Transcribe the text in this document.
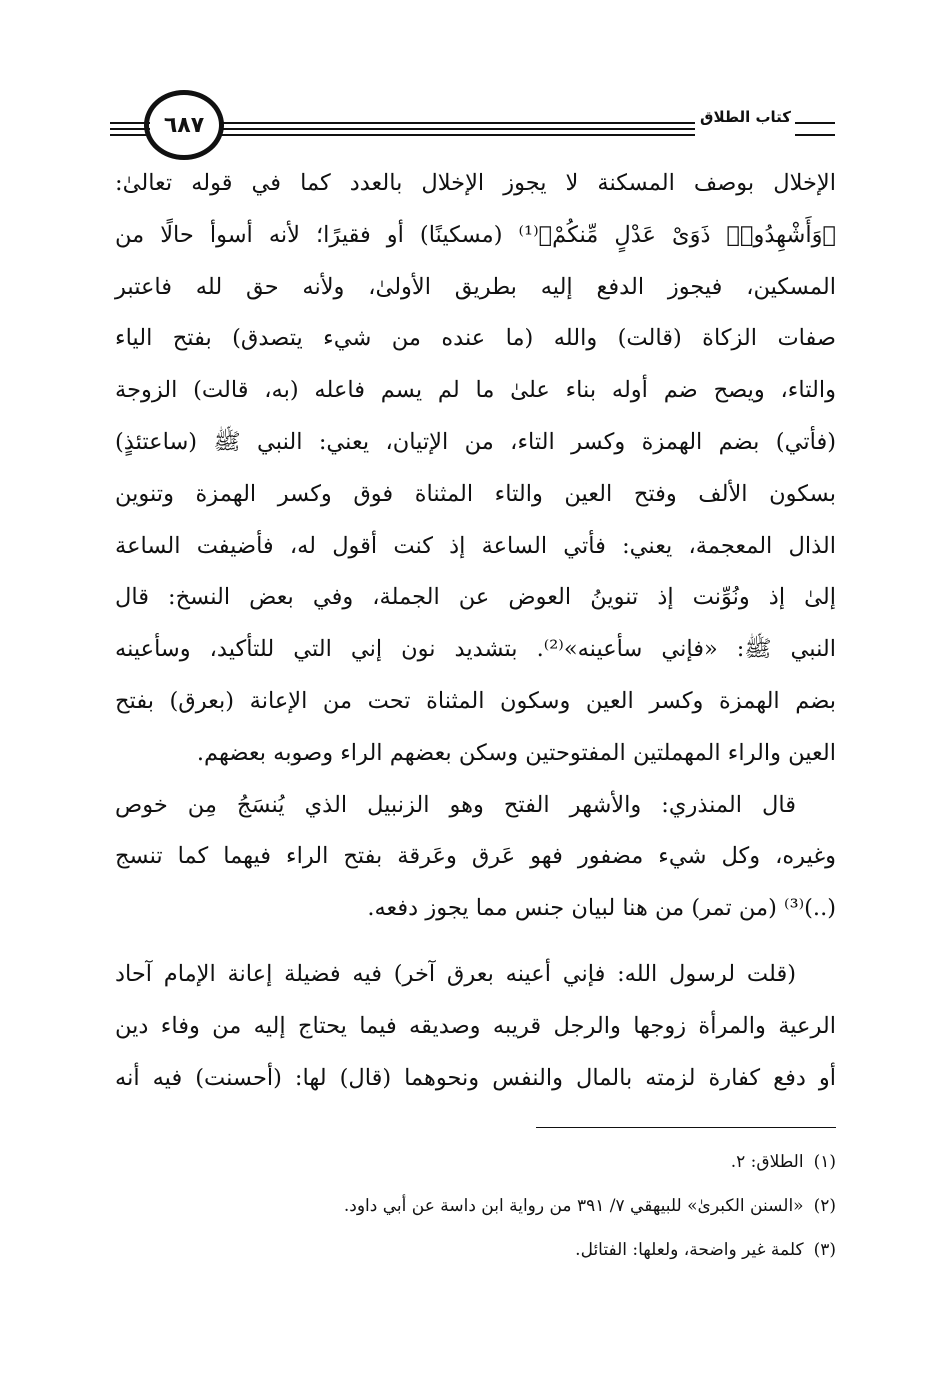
كتاب الطلاق
٦٨٧
الإخلال بوصف المسكنة لا يجوز الإخلال بالعدد كما في قوله تعالىٰ:
﴿وَأَشْهِدُوا۟ ذَوَىْ عَدْلٍ مِّنكُمْ﴾⁽¹⁾ (مسكينًا) أو فقيرًا؛ لأنه أسوأ حالًا من
المسكين، فيجوز الدفع إليه بطريق الأولىٰ، ولأنه حق لله فاعتبر
صفات الزكاة (قالت) والله (ما عنده من شيء يتصدق) بفتح الياء
والتاء، ويصح ضم أوله بناء علىٰ ما لم يسم فاعله (به، قالت) الزوجة
(فأتي) بضم الهمزة وكسر التاء، من الإتيان، يعني: النبي ﷺ (ساعتئذٍ)
بسكون الألف وفتح العين والتاء المثناة فوق وكسر الهمزة وتنوين
الذال المعجمة، يعني: فأتي الساعة إذ كنت أقول له، فأضيفت الساعة
إلىٰ إذ ونُوِّنت إذ تنوينُ العوض عن الجملة، وفي بعض النسخ: قال
النبي ﷺ: «فإني سأعينه»⁽²⁾. بتشديد نون إني التي للتأكيد، وسأعينه
بضم الهمزة وكسر العين وسكون المثناة تحت من الإعانة (بعرق) بفتح
العين والراء المهملتين المفتوحتين وسكن بعضهم الراء وصوبه بعضهم.
قال المنذري: والأشهر الفتح وهو الزنبيل الذي يُنسَجُ مِن خوص
وغيره، وكل شيء مضفور فهو عَرق وعَرقة بفتح الراء فيهما كما تنسج
(..)⁽³⁾ (من تمر) من هنا لبيان جنس مما يجوز دفعه.
(قلت لرسول الله: فإني أعينه بعرق آخر) فيه فضيلة إعانة الإمام آحاد
الرعية والمرأة زوجها والرجل قريبه وصديقه فيما يحتاج إليه من وفاء دين
أو دفع كفارة لزمته بالمال والنفس ونحوهما (قال) لها: (أحسنت) فيه أنه
(١)الطلاق: ٢.
(٢)«السنن الكبرىٰ» للبيهقي ٧/ ٣٩١ من رواية ابن داسة عن أبي داود.
(٣)كلمة غير واضحة، ولعلها: الفتائل.
